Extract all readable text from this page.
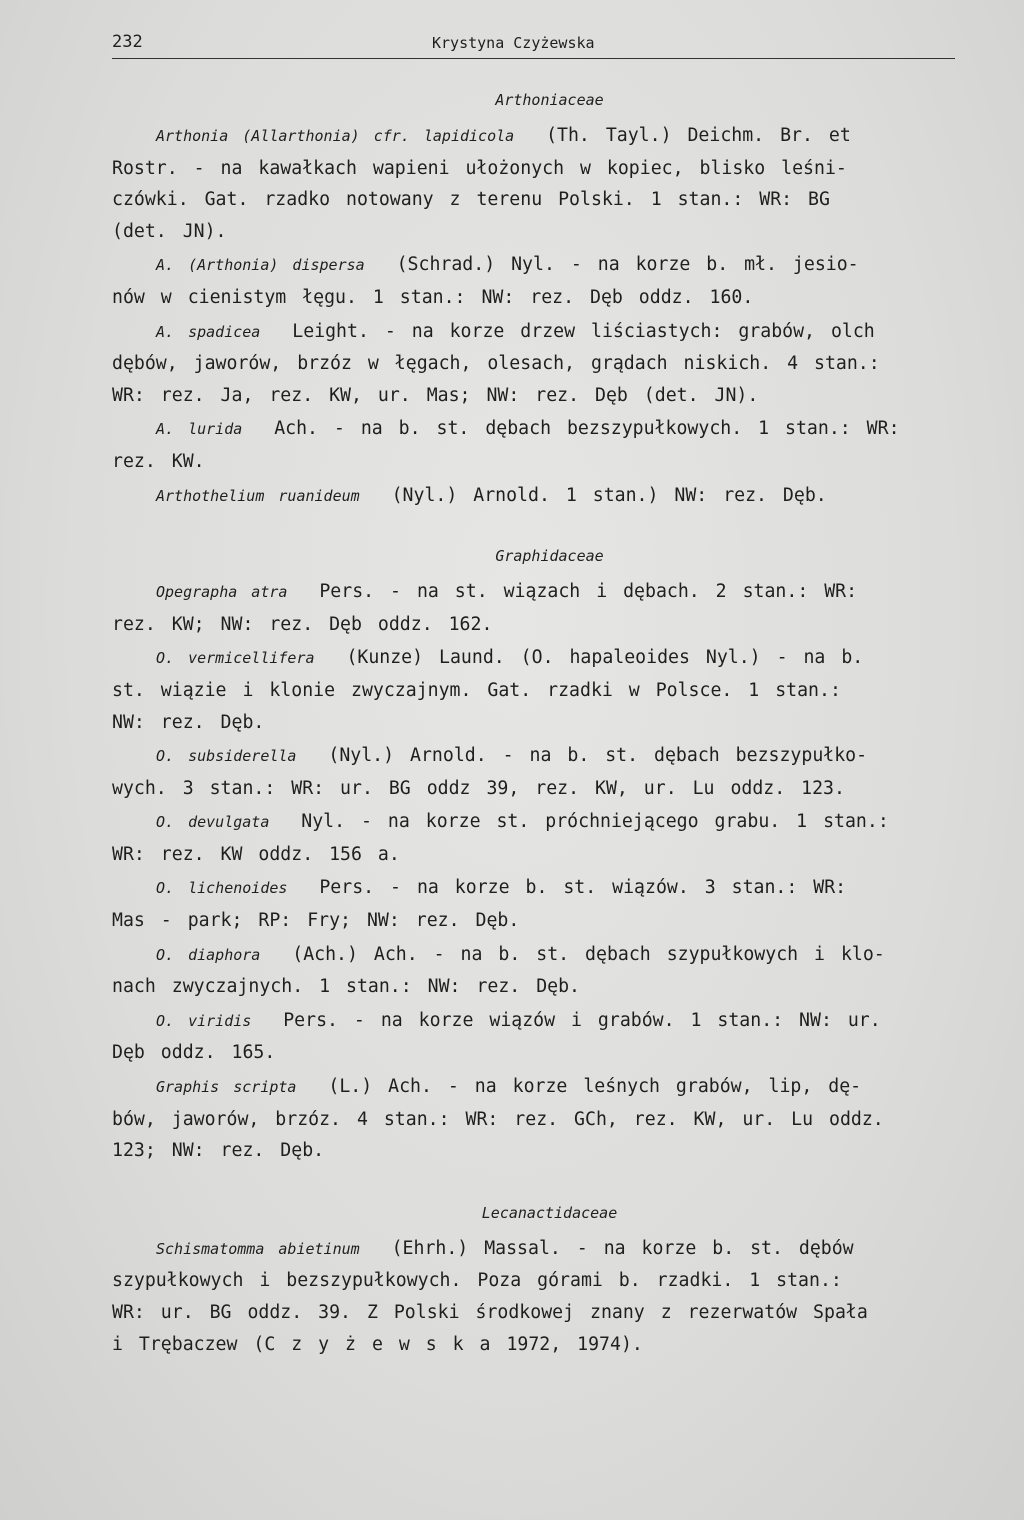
232	Krystyna Czyżewska
Arthoniaceae
Arthonia (Allarthonia) cfr. lapidicola (Th. Tayl.) Deichm. Br. et
Rostr. - na kawałkach wapieni ułożonych w kopiec, blisko leśni-
czówki. Gat. rzadko notowany z terenu Polski. 1 stan.: WR: BG
(det. JN).
A. (Arthonia) dispersa (Schrad.) Nyl. - na korze b. mł. jesio-
nów w cienistym łęgu. 1 stan.: NW: rez. Dęb oddz. 160.
A. spadicea Leight. - na korze drzew liściastych: grabów, olch
dębów, jaworów, brzóz w łęgach, olesach, grądach niskich. 4 stan.:
WR: rez. Ja, rez. KW, ur. Mas; NW: rez. Dęb (det. JN).
A. lurida Ach. - na b. st. dębach bezszypułkowych. 1 stan.: WR:
rez. KW.
Arthothelium ruanideum (Nyl.) Arnold. 1 stan.) NW: rez. Dęb.
Graphidaceae
Opegrapha atra Pers. - na st. wiązach i dębach. 2 stan.: WR:
rez. KW; NW: rez. Dęb oddz. 162.
O. vermicellifera (Kunze) Laund. (O. hapaleoides Nyl.) - na b.
st. wiązie i klonie zwyczajnym. Gat. rzadki w Polsce. 1 stan.:
NW: rez. Dęb.
O. subsiderella (Nyl.) Arnold. - na b. st. dębach bezszypułko-
wych. 3 stan.: WR: ur. BG oddz 39, rez. KW, ur. Lu oddz. 123.
O. devulgata Nyl. - na korze st. próchniejącego grabu. 1 stan.:
WR: rez. KW oddz. 156 a.
O. lichenoides Pers. - na korze b. st. wiązów. 3 stan.: WR:
Mas - park; RP: Fry; NW: rez. Dęb.
O. diaphora (Ach.) Ach. - na b. st. dębach szypułkowych i klo-
nach zwyczajnych. 1 stan.: NW: rez. Dęb.
O. viridis Pers. - na korze wiązów i grabów. 1 stan.: NW: ur.
Dęb oddz. 165.
Graphis scripta (L.) Ach. - na korze leśnych grabów, lip, dę-
bów, jaworów, brzóz. 4 stan.: WR: rez. GCh, rez. KW, ur. Lu oddz.
123; NW: rez. Dęb.
Lecanactidaceae
Schismatomma abietinum (Ehrh.) Massal. - na korze b. st. dębów
szypułkowych i bezszypułkowych. Poza górami b. rzadki. 1 stan.:
WR: ur. BG oddz. 39. Z Polski środkowej znany z rezerwatów Spała
i Trębaczew (C z y ż e w s k a 1972, 1974).
